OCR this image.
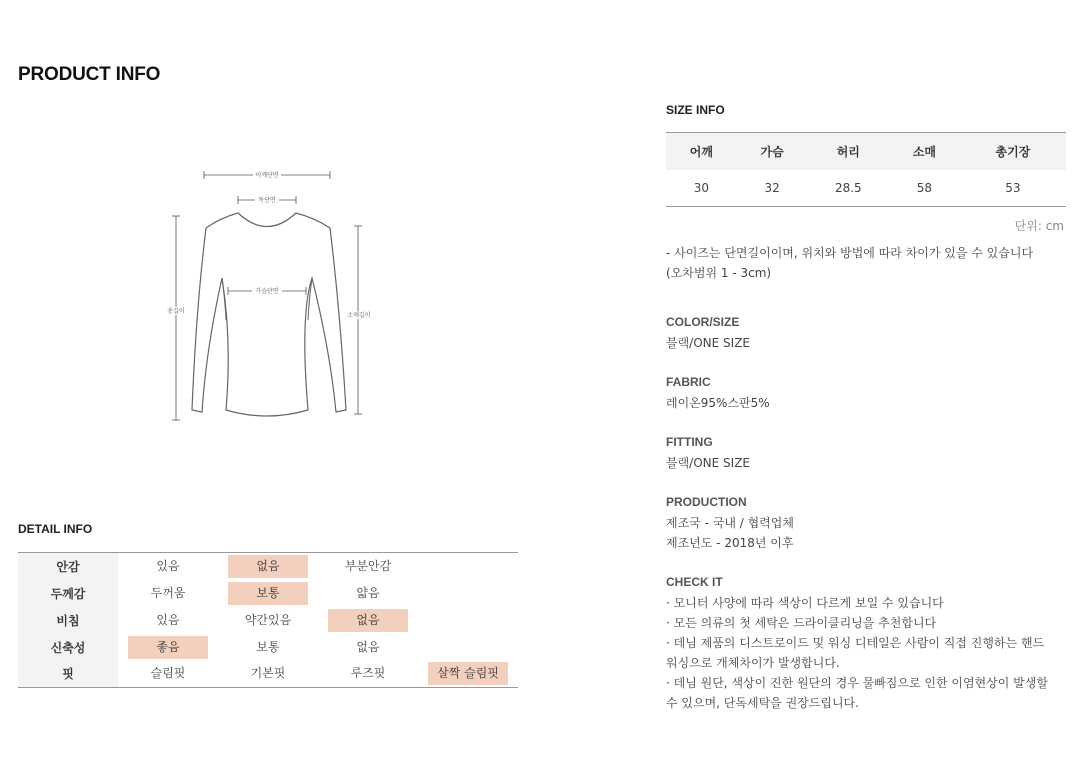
PRODUCT INFO
어깨단면
목단면
가슴단면
총길이
소매길이
DETAIL INFO
안감	있음	없음	부분안감	
두께감	두꺼움	보통	얇음	
비침	있음	약간있음	없음	
신축성	좋음	보통	없음	
핏	슬림핏	기본핏	루즈핏	살짝 슬림핏
SIZE INFO
어깨	가슴	허리	소매	총기장
30	32	28.5	58	53
단위: cm
- 사이즈는 단면길이이며, 위치와 방법에 따라 차이가 있을 수 있습니다
(오차범위 1 - 3cm)
COLOR/SIZE
블랙/ONE SIZE
FABRIC
레이온95%스판5%
FITTING
블랙/ONE SIZE
PRODUCTION
제조국 - 국내 / 협력업체
제조년도 - 2018년 이후
CHECK IT
· 모니터 사양에 따라 색상이 다르게 보일 수 있습니다
· 모든 의류의 첫 세탁은 드라이클리닝을 추천합니다
· 데님 제품의 디스트로이드 및 워싱 디테일은 사람이 직접 진행하는 핸드
워싱으로 개체차이가 발생합니다.
· 데님 원단, 색상이 진한 원단의 경우 물빠짐으로 인한 이염현상이 발생할
수 있으며, 단독세탁을 권장드립니다.
